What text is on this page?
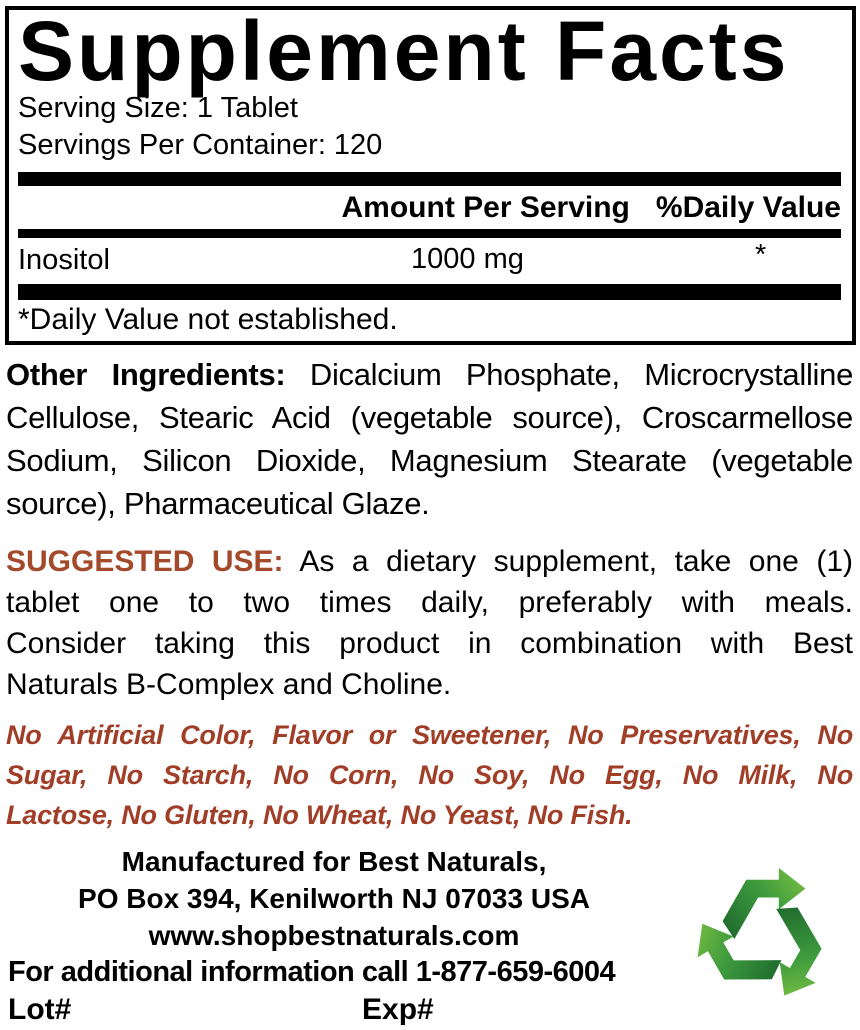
Supplement Facts
Serving Size: 1 Tablet
Servings Per Container: 120
Amount Per Serving %Daily Value
Inositol	1000 mg	*
*Daily Value not established.
Other Ingredients: Dicalcium Phosphate, Microcrystalline
Cellulose, Stearic Acid (vegetable source), Croscarmellose
Sodium, Silicon Dioxide, Magnesium Stearate (vegetable
source), Pharmaceutical Glaze.
SUGGESTED USE: As a dietary supplement, take one (1)
tablet one to two times daily, preferably with meals.
Consider taking this product in combination with Best
Naturals B-Complex and Choline.
No Artificial Color, Flavor or Sweetener, No Preservatives, No
Sugar, No Starch, No Corn, No Soy, No Egg, No Milk, No
Lactose, No Gluten, No Wheat, No Yeast, No Fish.
Manufactured for Best Naturals,
PO Box 394, Kenilworth NJ 07033 USA
www.shopbestnaturals.com
For additional information call 1-877-659-6004
Lot#	Exp#
